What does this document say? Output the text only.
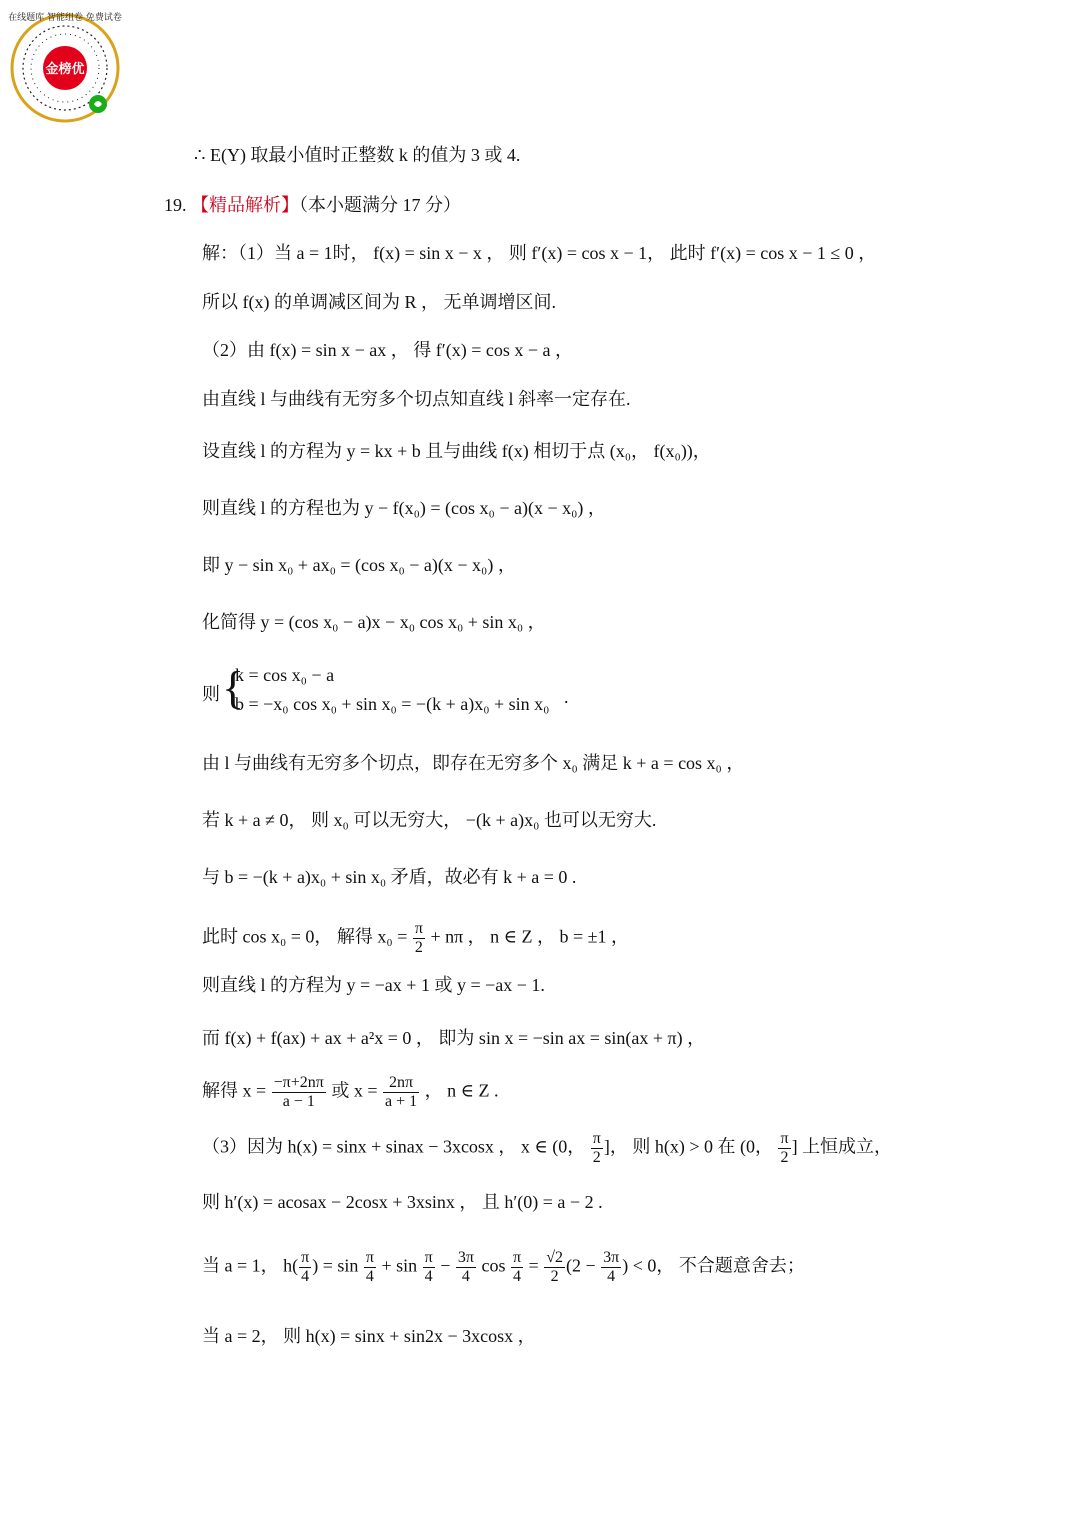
金榜优
在线题库 智能组卷 免费试卷
∴ E(Y) 取最小值时正整数 k 的值为 3 或 4.
19. 【精品解析】（本小题满分 17 分）
解：（1）当 a = 1时， f(x) = sin x − x ， 则 f′(x) = cos x − 1， 此时 f′(x) = cos x − 1 ≤ 0 ，
所以 f(x) 的单调减区间为 R ， 无单调增区间.
（2）由 f(x) = sin x − ax ， 得 f′(x) = cos x − a ，
由直线 l 与曲线有无穷多个切点知直线 l 斜率一定存在.
设直线 l 的方程为 y = kx + b 且与曲线 f(x) 相切于点 (x₀， f(x₀))，
则直线 l 的方程也为 y − f(x₀) = (cos x₀ − a)(x − x₀) ，
即 y − sin x₀ + ax₀ = (cos x₀ − a)(x − x₀) ，
化简得 y = (cos x₀ − a)x − x₀ cos x₀ + sin x₀ ，
则 {
k = cos x₀ − a
b = −x₀ cos x₀ + sin x₀ = −(k + a)x₀ + sin x₀ .
由 l 与曲线有无穷多个切点，即存在无穷多个 x₀ 满足 k + a = cos x₀ ，
若 k + a ≠ 0， 则 x₀ 可以无穷大， −(k + a)x₀ 也可以无穷大.
与 b = −(k + a)x₀ + sin x₀ 矛盾，故必有 k + a = 0 .
此时 cos x₀ = 0， 解得 $x_0 = \frac{\pi}{2} + n\pi$ ， n ∈ Z ， b = ±1 ，
则直线 l 的方程为 y = −ax + 1 或 y = −ax − 1.
而 f(x) + f(ax) + ax + a²x = 0 ， 即为 sin x = −sin ax = sin(ax + π) ，
解得 $x = \frac{-\pi+2n\pi}{a - 1}$ 或 $x = \frac{2n\pi}{a + 1}$ ， n ∈ Z .
（3）因为 h(x) = sinx + sinax − 3xcosx ， x ∈ (0， $\frac{\pi}{2}$ ]， 则 h(x) > 0 在 (0， $\frac{\pi}{2}$ ] 上恒成立，
则 h′(x) = acosax − 2cosx + 3xsinx ， 且 h′(0) = a − 2 .
当 a = 1， $h( \frac{\pi}{4}$ ) = $\sin \frac{\pi}{4} + \sin \frac{\pi}{4} - \frac{3\pi}{4}$ $\cos \frac{\pi}{4} = \frac{√2}{2} (2 - \frac{3\pi}{4}$ ) < 0， 不合题意舍去；
当 a = 2， 则 h(x) = sinx + sin2x − 3xcosx ，
